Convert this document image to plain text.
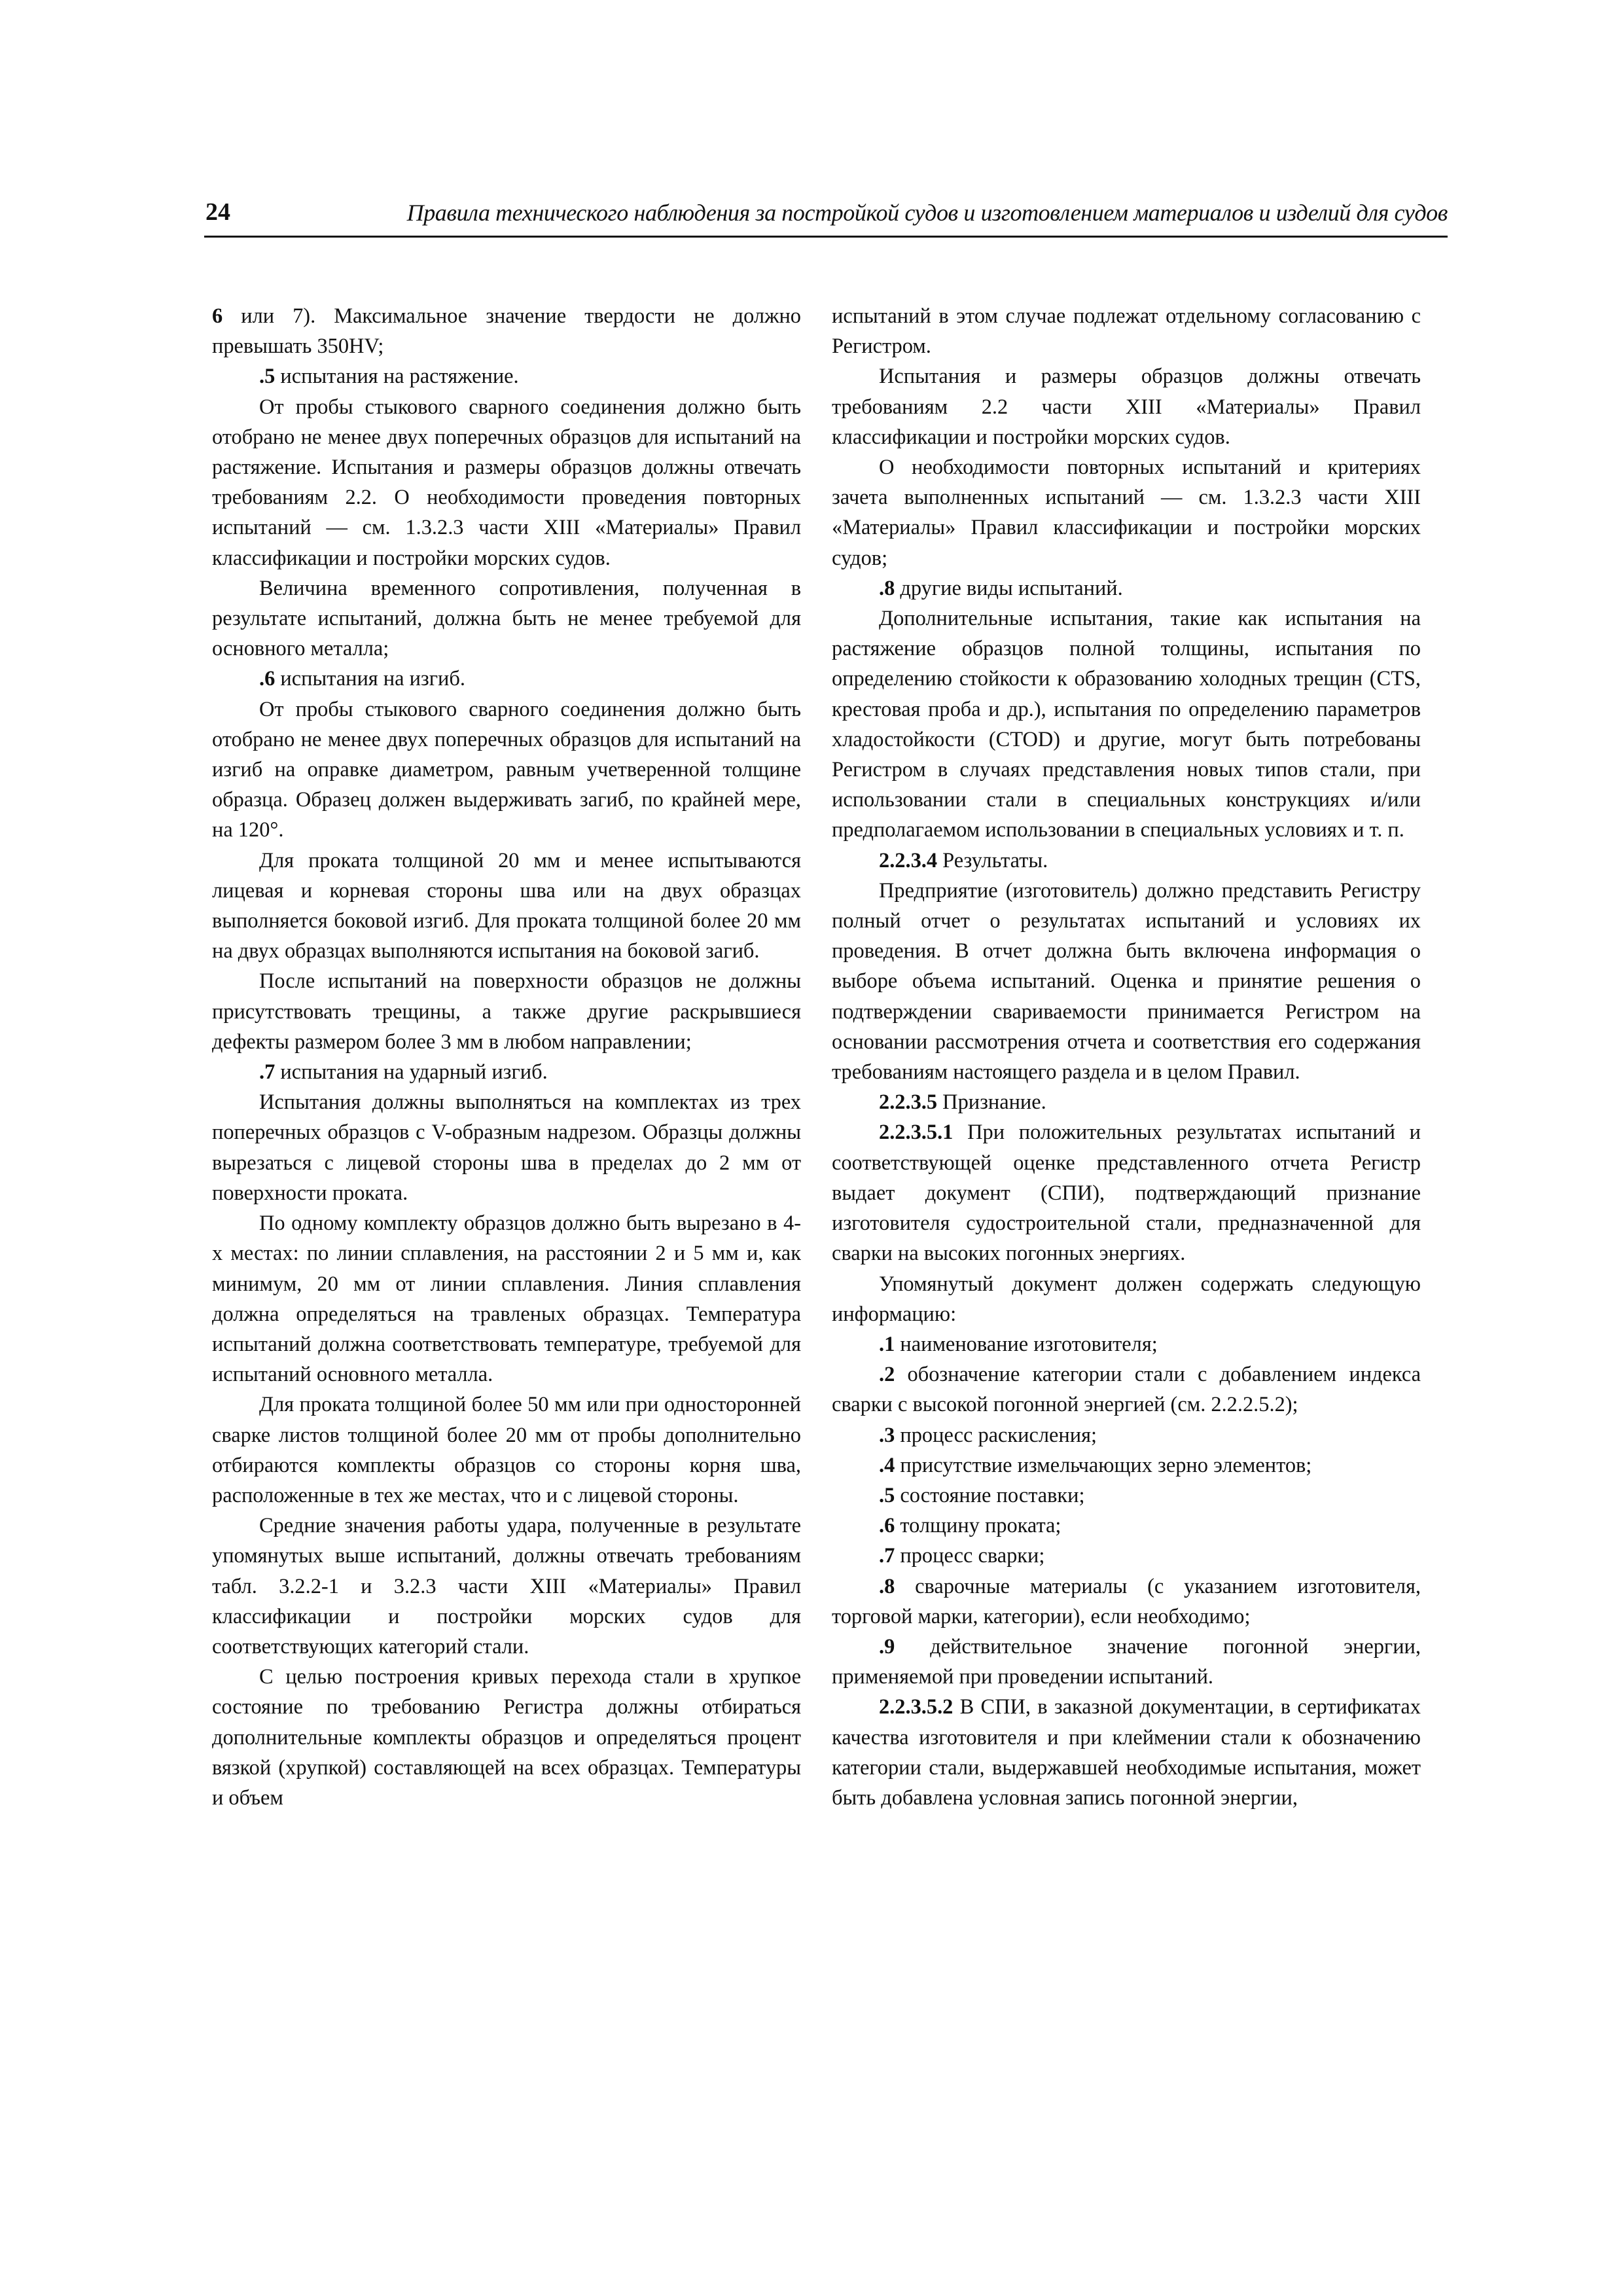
24	Правила технического наблюдения за постройкой судов и изготовлением материалов и изделий для судов

6 или 7). Максимальное значение твердости не должно превышать 350HV;

.5 испытания на растяжение.

От пробы стыкового сварного соединения должно быть отобрано не менее двух поперечных образцов для испытаний на растяжение. Испытания и размеры образцов должны отвечать требованиям 2.2. О необходимости проведения повторных испытаний — см. 1.3.2.3 части XIII «Материалы» Правил классификации и постройки морских судов.

Величина временного сопротивления, полученная в результате испытаний, должна быть не менее требуемой для основного металла;

.6 испытания на изгиб.

От пробы стыкового сварного соединения должно быть отобрано не менее двух поперечных образцов для испытаний на изгиб на оправке диаметром, равным учетверенной толщине образца. Образец должен выдерживать загиб, по крайней мере, на 120°.

Для проката толщиной 20 мм и менее испытываются лицевая и корневая стороны шва или на двух образцах выполняется боковой изгиб. Для проката толщиной более 20 мм на двух образцах выполняются испытания на боковой загиб.

После испытаний на поверхности образцов не должны присутствовать трещины, а также другие раскрывшиеся дефекты размером более 3 мм в любом направлении;

.7 испытания на ударный изгиб.

Испытания должны выполняться на комплектах из трех поперечных образцов с V-образным надрезом. Образцы должны вырезаться с лицевой стороны шва в пределах до 2 мм от поверхности проката.

По одному комплекту образцов должно быть вырезано в 4-х местах: по линии сплавления, на расстоянии 2 и 5 мм и, как минимум, 20 мм от линии сплавления. Линия сплавления должна определяться на травленых образцах. Температура испытаний должна соответствовать температуре, требуемой для испытаний основного металла.

Для проката толщиной более 50 мм или при односторонней сварке листов толщиной более 20 мм от пробы дополнительно отбираются комплекты образцов со стороны корня шва, расположенные в тех же местах, что и с лицевой стороны.

Средние значения работы удара, полученные в результате упомянутых выше испытаний, должны отвечать требованиям табл. 3.2.2-1 и 3.2.3 части XIII «Материалы» Правил классификации и постройки морских судов для соответствующих категорий стали.

С целью построения кривых перехода стали в хрупкое состояние по требованию Регистра должны отбираться дополнительные комплекты образцов и определяться процент вязкой (хрупкой) составляющей на всех образцах. Температуры и объем

испытаний в этом случае подлежат отдельному согласованию с Регистром.

Испытания и размеры образцов должны отвечать требованиям 2.2 части XIII «Материалы» Правил классификации и постройки морских судов.

О необходимости повторных испытаний и критериях зачета выполненных испытаний — см. 1.3.2.3 части XIII «Материалы» Правил классификации и постройки морских судов;

.8 другие виды испытаний.

Дополнительные испытания, такие как испытания на растяжение образцов полной толщины, испытания по определению стойкости к образованию холодных трещин (CTS, крестовая проба и др.), испытания по определению параметров хладостойкости (CTOD) и другие, могут быть потребованы Регистром в случаях представления новых типов стали, при использовании стали в специальных конструкциях и/или предполагаемом использовании в специальных условиях и т. п.

2.2.3.4 Результаты.

Предприятие (изготовитель) должно представить Регистру полный отчет о результатах испытаний и условиях их проведения. В отчет должна быть включена информация о выборе объема испытаний. Оценка и принятие решения о подтверждении свариваемости принимается Регистром на основании рассмотрения отчета и соответствия его содержания требованиям настоящего раздела и в целом Правил.

2.2.3.5 Признание.

2.2.3.5.1 При положительных результатах испытаний и соответствующей оценке представленного отчета Регистр выдает документ (СПИ), подтверждающий признание изготовителя судостроительной стали, предназначенной для сварки на высоких погонных энергиях.

Упомянутый документ должен содержать следующую информацию:

.1 наименование изготовителя;

.2 обозначение категории стали с добавлением индекса сварки с высокой погонной энергией (см. 2.2.2.5.2);

.3 процесс раскисления;

.4 присутствие измельчающих зерно элементов;

.5 состояние поставки;

.6 толщину проката;

.7 процесс сварки;

.8 сварочные материалы (с указанием изготовителя, торговой марки, категории), если необходимо;

.9 действительное значение погонной энергии, применяемой при проведении испытаний.

2.2.3.5.2 В СПИ, в заказной документации, в сертификатах качества изготовителя и при клеймении стали к обозначению категории стали, выдержавшей необходимые испытания, может быть добавлена условная запись погонной энергии,
